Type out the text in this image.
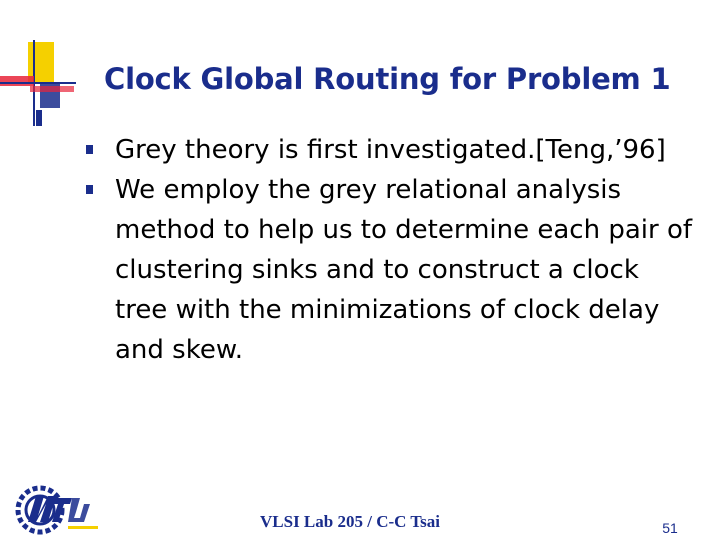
Clock Global Routing for Problem 1
Grey theory is first investigated.[Teng,’96]
We employ the grey relational analysis method to help us to determine each pair of clustering sinks and to construct a clock tree with the minimizations of clock delay and skew.
VLSI Lab 205 / C-C Tsai	51
